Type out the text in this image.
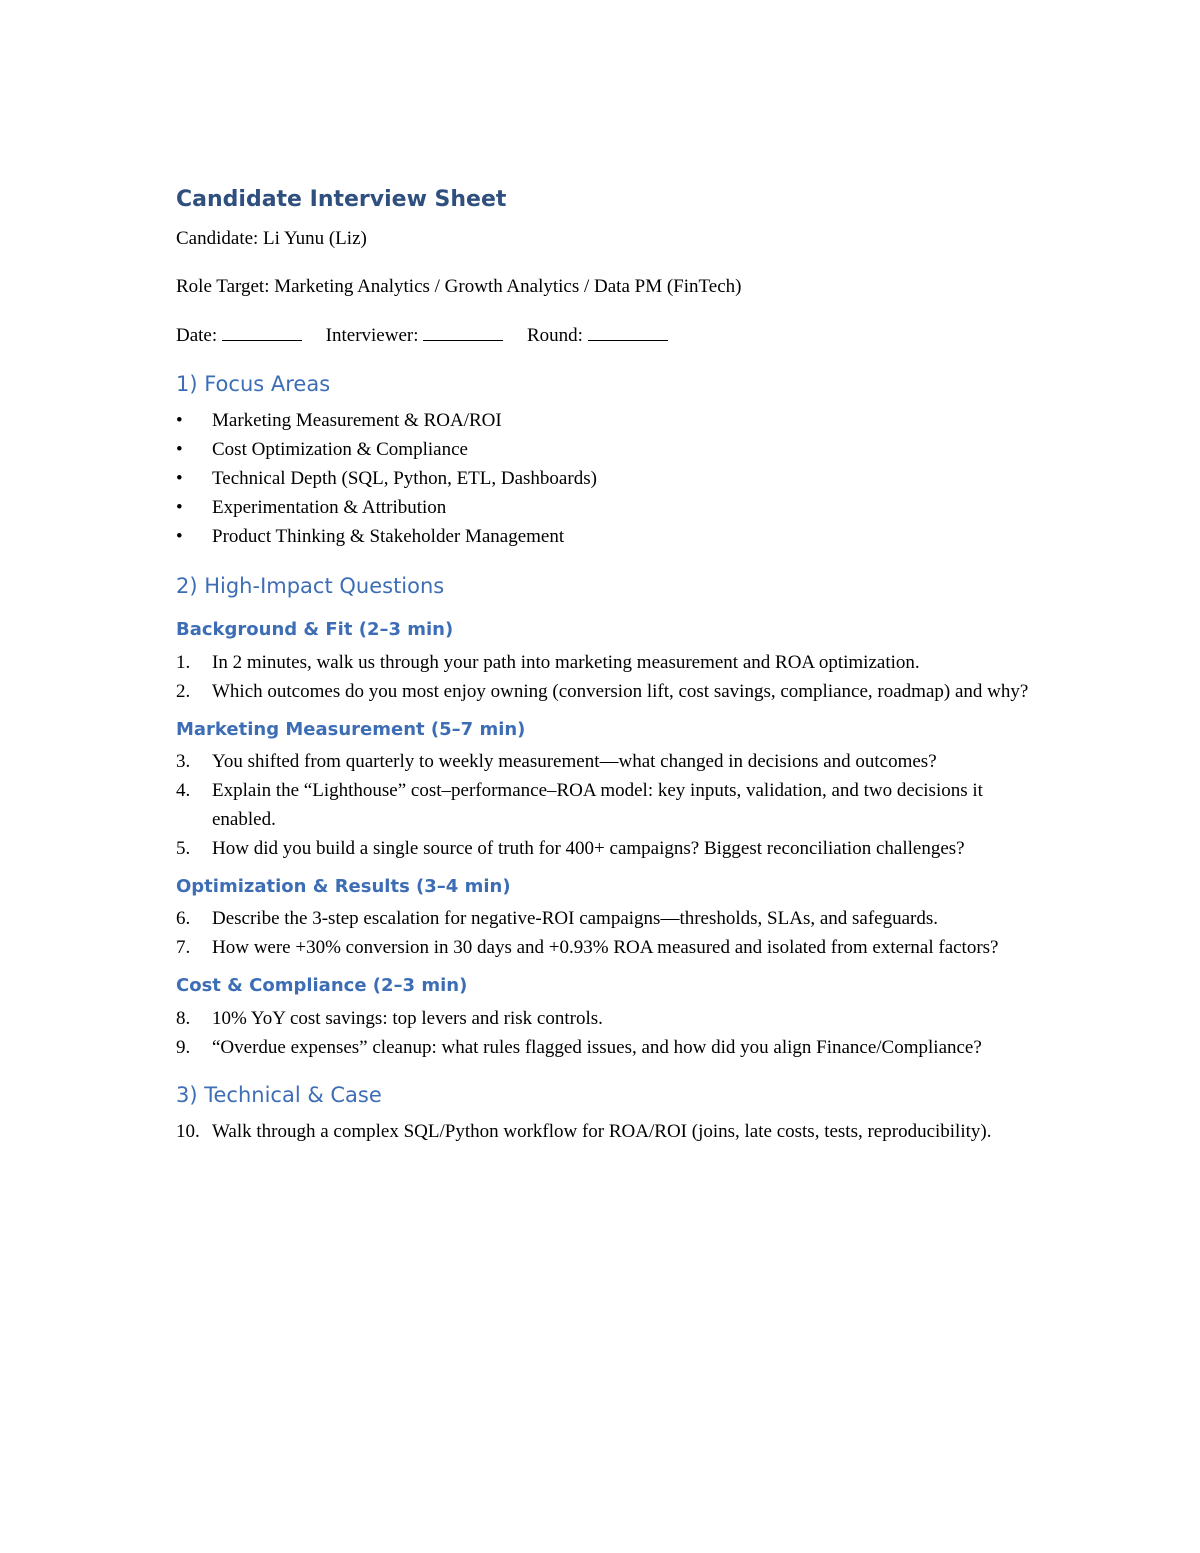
Candidate Interview Sheet

Candidate: Li Yunu (Liz)

Role Target: Marketing Analytics / Growth Analytics / Data PM (FinTech)

Date:	Interviewer:	Round:

1) Focus Areas
• Marketing Measurement & ROA/ROI
• Cost Optimization & Compliance
• Technical Depth (SQL, Python, ETL, Dashboards)
• Experimentation & Attribution
• Product Thinking & Stakeholder Management
2) High-Impact Questions
Background & Fit (2–3 min)
1. In 2 minutes, walk us through your path into marketing measurement and ROA optimization.
2. Which outcomes do you most enjoy owning (conversion lift, cost savings, compliance, roadmap) and why?
Marketing Measurement (5–7 min)
3. You shifted from quarterly to weekly measurement—what changed in decisions and outcomes?
4. Explain the “Lighthouse” cost–performance–ROA model: key inputs, validation, and two decisions it enabled.
5. How did you build a single source of truth for 400+ campaigns? Biggest reconciliation challenges?
Optimization & Results (3–4 min)
6. Describe the 3-step escalation for negative-ROI campaigns—thresholds, SLAs, and safeguards.
7. How were +30% conversion in 30 days and +0.93% ROA measured and isolated from external factors?
Cost & Compliance (2–3 min)
8. 10% YoY cost savings: top levers and risk controls.
9. “Overdue expenses” cleanup: what rules flagged issues, and how did you align Finance/Compliance?
3) Technical & Case
10. Walk through a complex SQL/Python workflow for ROA/ROI (joins, late costs, tests, reproducibility).
